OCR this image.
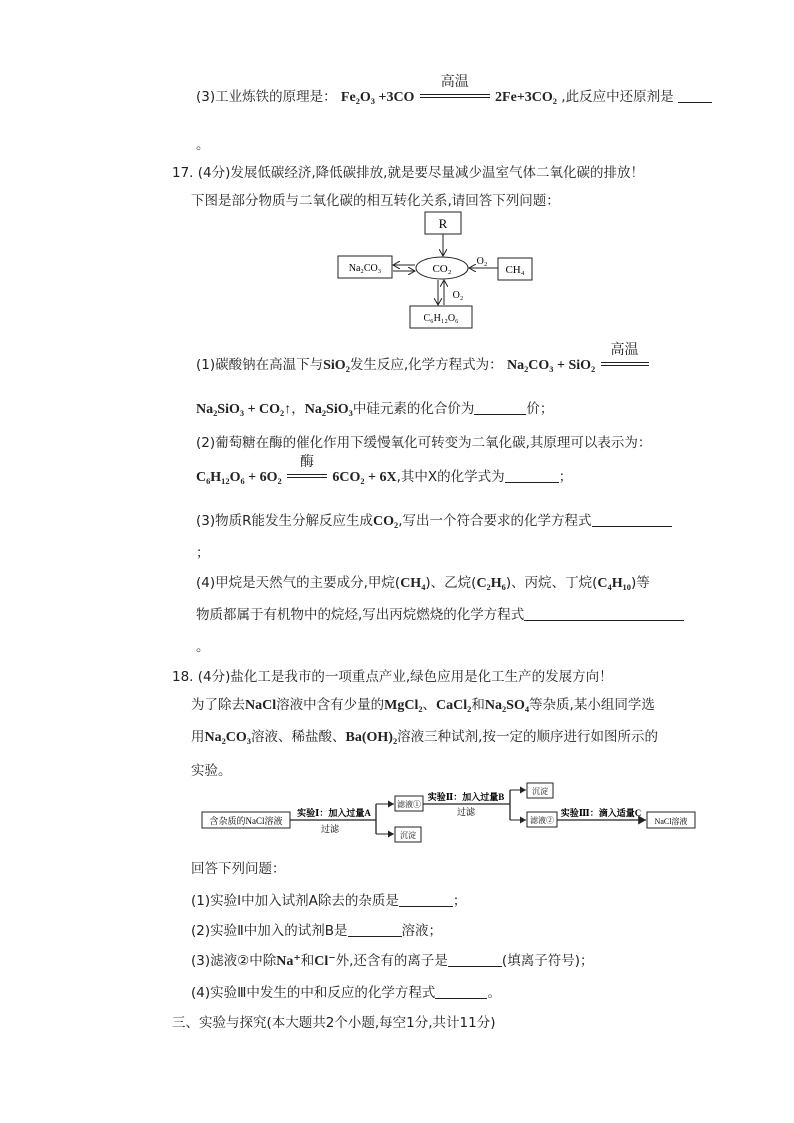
(3)工业炼铁的原理是： Fe₂O₃ +3CO
高温
2Fe+3CO₂ ,此反应中还原剂是
。
17. (4分)发展低碳经济,降低碳排放,就是要尽量减少温室气体二氧化碳的排放！
下图是部分物质与二氧化碳的相互转化关系,请回答下列问题：
R
CO₂
Na₂CO₃	CH₄
O₂
C₆H₁₂O₆
O₂
(1)碳酸钠在高温下与SiO₂发生反应,化学方程式为： Na₂CO₃ + SiO₂
高温
Na₂SiO₃ + CO₂↑，Na₂SiO₃中硅元素的化合价为	价；
(2)葡萄糖在酶的催化作用下缓慢氧化可转变为二氧化碳,其原理可以表示为：
C₆H₁₂O₆ + 6O₂
酶
6CO₂ + 6X,其中X的化学式为	；
(3)物质R能发生分解反应生成CO₂,写出一个符合要求的化学方程式
；
(4)甲烷是天然气的主要成分,甲烷(CH₄)、乙烷(C₂H₆)、丙烷、丁烷(C₄H₁₀)等
物质都属于有机物中的烷烃,写出丙烷燃烧的化学方程式
。
18. (4分)盐化工是我市的一项重点产业,绿色应用是化工生产的发展方向！
为了除去NaCl溶液中含有少量的MgCl₂、CaCl₂和Na₂SO₄等杂质,某小组同学选
用Na₂CO₃溶液、稀盐酸、Ba(OH)₂溶液三种试剂,按一定的顺序进行如图所示的
实验。
含杂质的NaCl溶液
实验Ⅰ：加入过量A
过滤
滤液①
沉淀
实验Ⅱ：加入过量B
过滤
沉淀
滤液②
实验Ⅲ：滴入适量C
NaCl溶液
回答下列问题：
(1)实验Ⅰ中加入试剂A除去的杂质是	；
(2)实验Ⅱ中加入的试剂B是	溶液；
(3)滤液②中除Na⁺和Cl⁻外,还含有的离子是	(填离子符号)；
(4)实验Ⅲ中发生的中和反应的化学方程式	。
三、实验与探究(本大题共2个小题,每空1分,共计11分)
